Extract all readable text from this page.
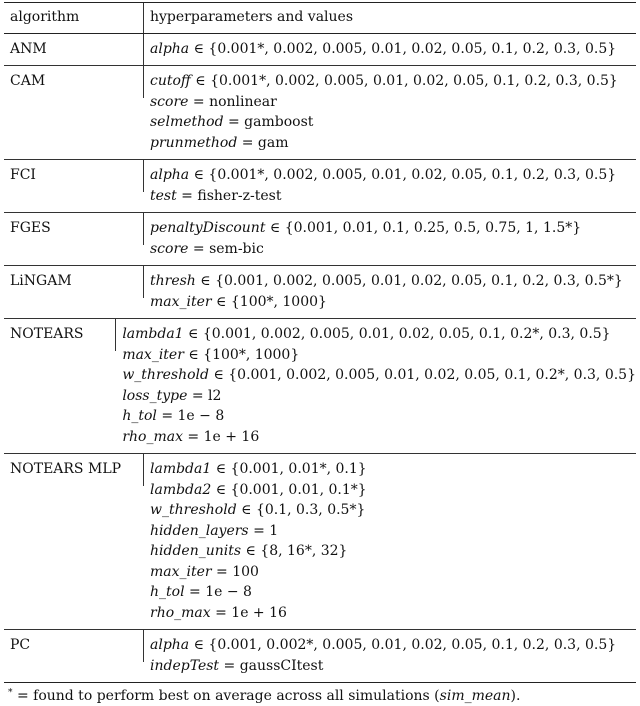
algorithm	hyperparameters and values
ANM	alpha ∈ {0.001*, 0.002, 0.005, 0.01, 0.02, 0.05, 0.1, 0.2, 0.3, 0.5}
CAM	cutoff ∈ {0.001*, 0.002, 0.005, 0.01, 0.02, 0.05, 0.1, 0.2, 0.3, 0.5}
score = nonlinear
selmethod = gamboost
prunmethod = gam
FCI	alpha ∈ {0.001*, 0.002, 0.005, 0.01, 0.02, 0.05, 0.1, 0.2, 0.3, 0.5}
test = fisher-z-test
FGES	penaltyDiscount ∈ {0.001, 0.01, 0.1, 0.25, 0.5, 0.75, 1, 1.5*}
score = sem-bic
LiNGAM	thresh ∈ {0.001, 0.002, 0.005, 0.01, 0.02, 0.05, 0.1, 0.2, 0.3, 0.5*}
max_iter ∈ {100*, 1000}
NOTEARS	lambda1 ∈ {0.001, 0.002, 0.005, 0.01, 0.02, 0.05, 0.1, 0.2*, 0.3, 0.5}
max_iter ∈ {100*, 1000}
w_threshold ∈ {0.001, 0.002, 0.005, 0.01, 0.02, 0.05, 0.1, 0.2*, 0.3, 0.5}
loss_type = l2
h_tol = 1e − 8
rho_max = 1e + 16
NOTEARS MLP	lambda1 ∈ {0.001, 0.01*, 0.1}
lambda2 ∈ {0.001, 0.01, 0.1*}
w_threshold ∈ {0.1, 0.3, 0.5*}
hidden_layers = 1
hidden_units ∈ {8, 16*, 32}
max_iter = 100
h_tol = 1e − 8
rho_max = 1e + 16
PC	alpha ∈ {0.001, 0.002*, 0.005, 0.01, 0.02, 0.05, 0.1, 0.2, 0.3, 0.5}
indepTest = gaussCItest
* = found to perform best on average across all simulations (sim_mean).
